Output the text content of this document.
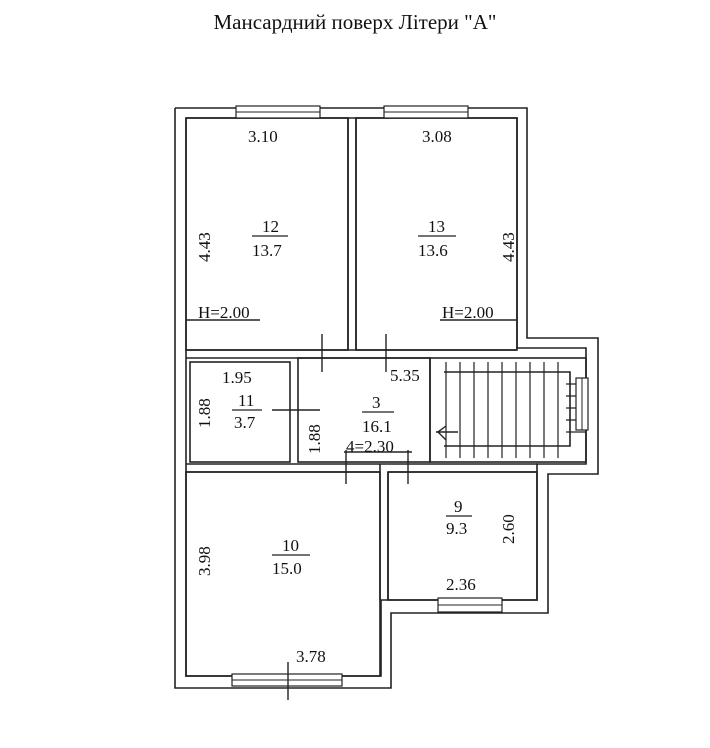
Мансардний поверх Літери "А"
3.10
12
13.7
4.43
H=2.00
3.08
13
13.6	4.43
H=2.00
1.95
11
3.7
1.88
5.35
3
16.1
1.88 4=2.30
10
15.0
3.98
3.78
9
9.3 2.60
2.36
